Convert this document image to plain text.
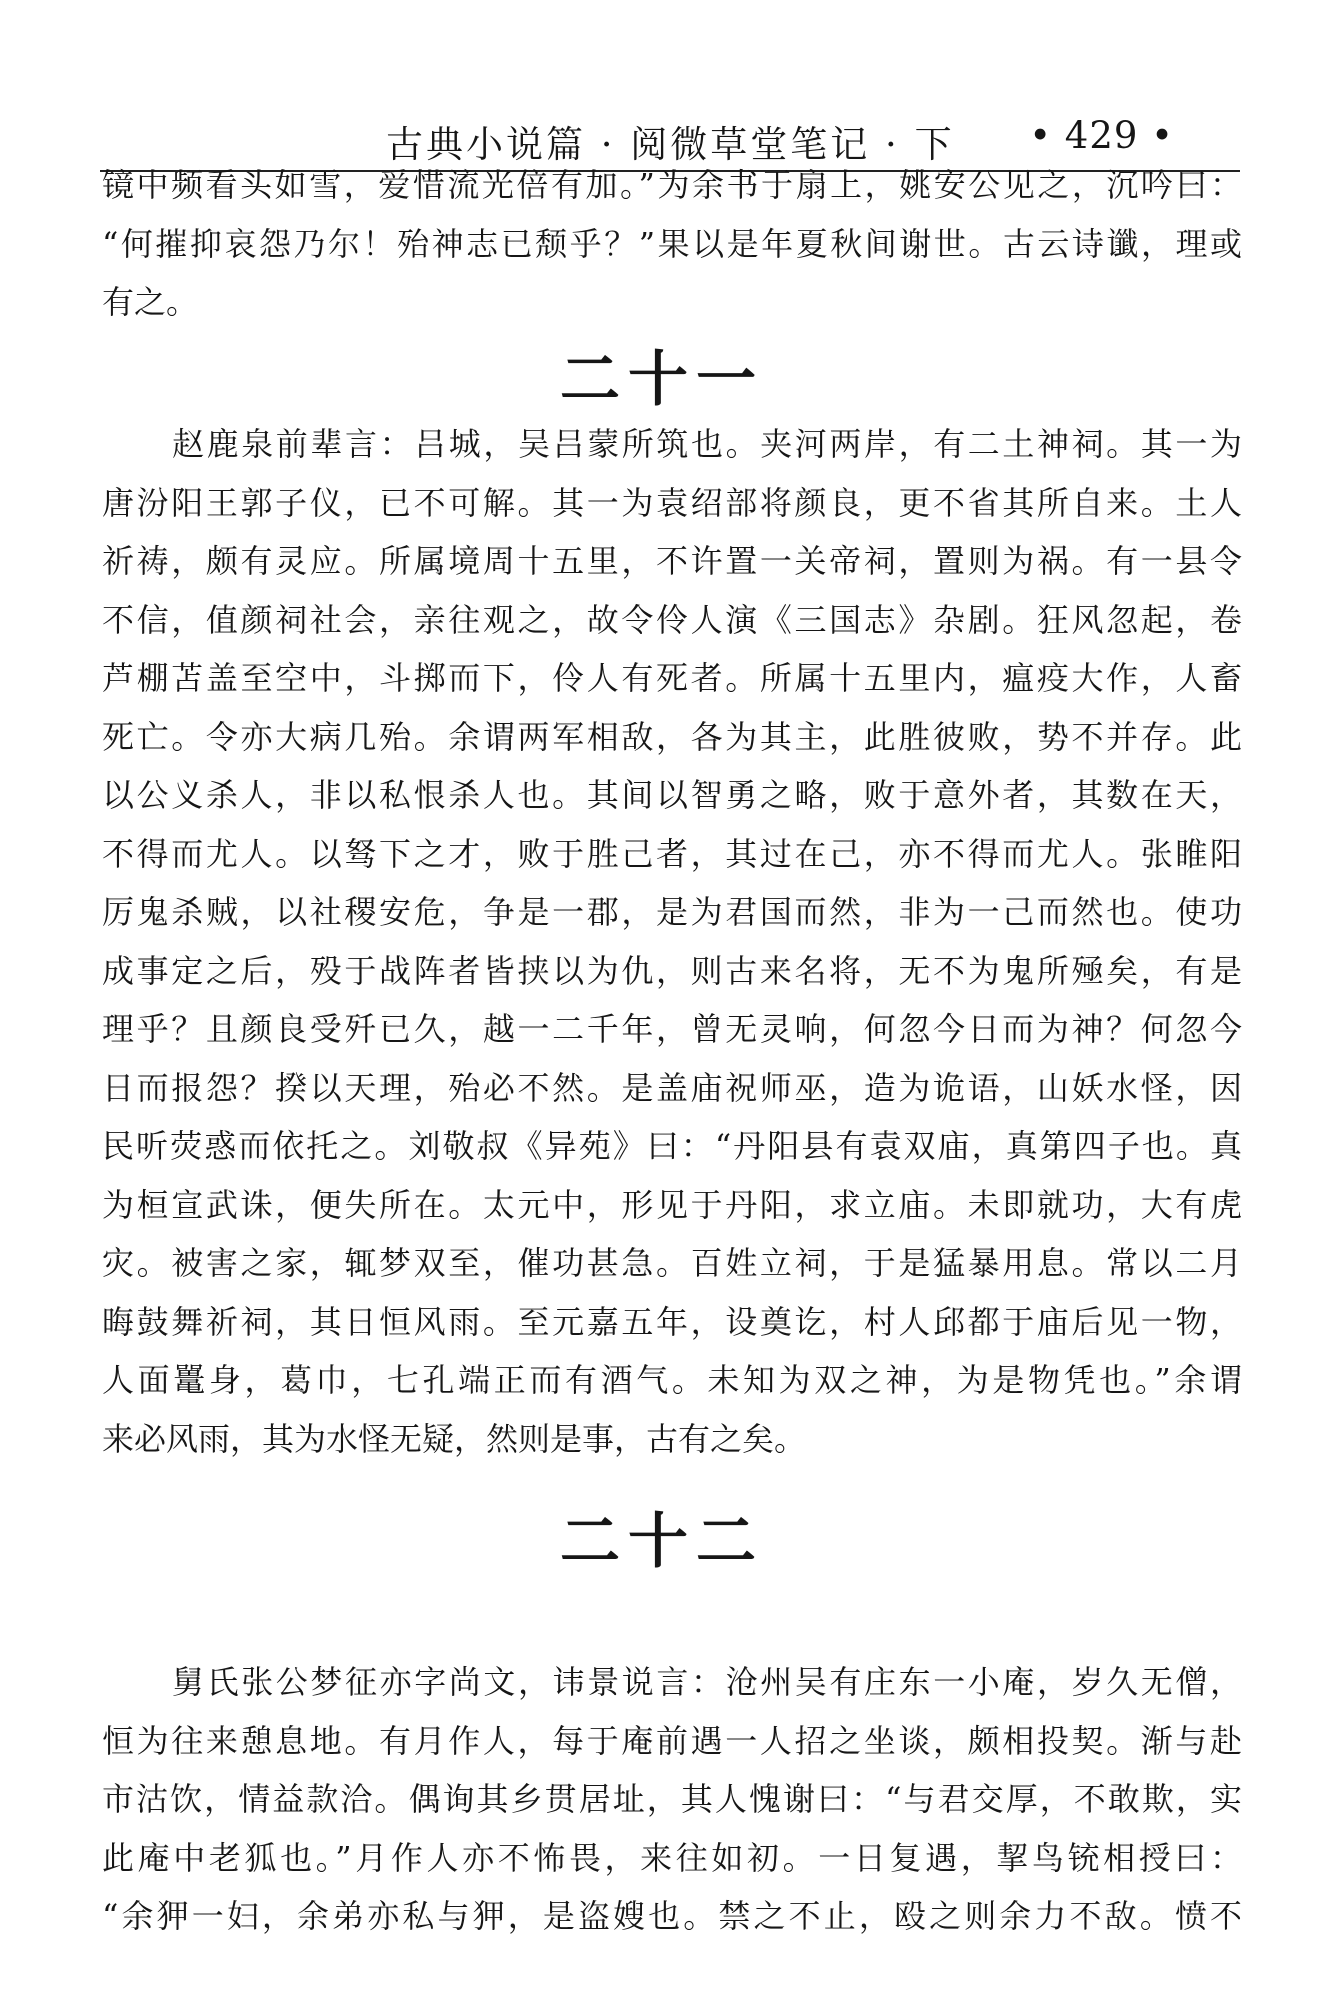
古典小说篇 · 阅微草堂笔记 · 下 • 429 •
镜中频看头如雪，爱惜流光倍有加。”为余书于扇上，姚安公见之，沉吟曰：
“何摧抑哀怨乃尔！殆神志已颓乎？”果以是年夏秋间谢世。古云诗谶，理或
有之。
二十一
赵鹿泉前辈言：吕城，吴吕蒙所筑也。夹河两岸，有二土神祠。其一为
唐汾阳王郭子仪，已不可解。其一为袁绍部将颜良，更不省其所自来。土人
祈祷，颇有灵应。所属境周十五里，不许置一关帝祠，置则为祸。有一县令
不信，值颜祠社会，亲往观之，故令伶人演《三国志》杂剧。狂风忽起，卷
芦棚苫盖至空中，斗掷而下，伶人有死者。所属十五里内，瘟疫大作，人畜
死亡。令亦大病几殆。余谓两军相敌，各为其主，此胜彼败，势不并存。此
以公义杀人，非以私恨杀人也。其间以智勇之略，败于意外者，其数在天，
不得而尤人。以驽下之才，败于胜己者，其过在己，亦不得而尤人。张睢阳
厉鬼杀贼，以社稷安危，争是一郡，是为君国而然，非为一己而然也。使功
成事定之后，殁于战阵者皆挟以为仇，则古来名将，无不为鬼所殛矣，有是
理乎？且颜良受歼已久，越一二千年，曾无灵响，何忽今日而为神？何忽今
日而报怨？揆以天理，殆必不然。是盖庙祝师巫，造为诡语，山妖水怪，因
民听荧惑而依托之。刘敬叔《异苑》曰：“丹阳县有袁双庙，真第四子也。真
为桓宣武诛，便失所在。太元中，形见于丹阳，求立庙。未即就功，大有虎
灾。被害之家，辄梦双至，催功甚急。百姓立祠，于是猛暴用息。常以二月
晦鼓舞祈祠，其日恒风雨。至元嘉五年，设奠讫，村人邱都于庙后见一物，
人面鼍身，葛巾，七孔端正而有酒气。未知为双之神，为是物凭也。”余谓
来必风雨，其为水怪无疑，然则是事，古有之矣。
二十二
舅氏张公梦征亦字尚文，讳景说言：沧州吴有庄东一小庵，岁久无僧，
恒为往来憩息地。有月作人，每于庵前遇一人招之坐谈，颇相投契。渐与赴
市沽饮，情益款洽。偶询其乡贯居址，其人愧谢曰：“与君交厚，不敢欺，实
此庵中老狐也。”月作人亦不怖畏，来往如初。一日复遇，挈鸟铳相授曰：
“余狎一妇，余弟亦私与狎，是盗嫂也。禁之不止，殴之则余力不敌。愤不
